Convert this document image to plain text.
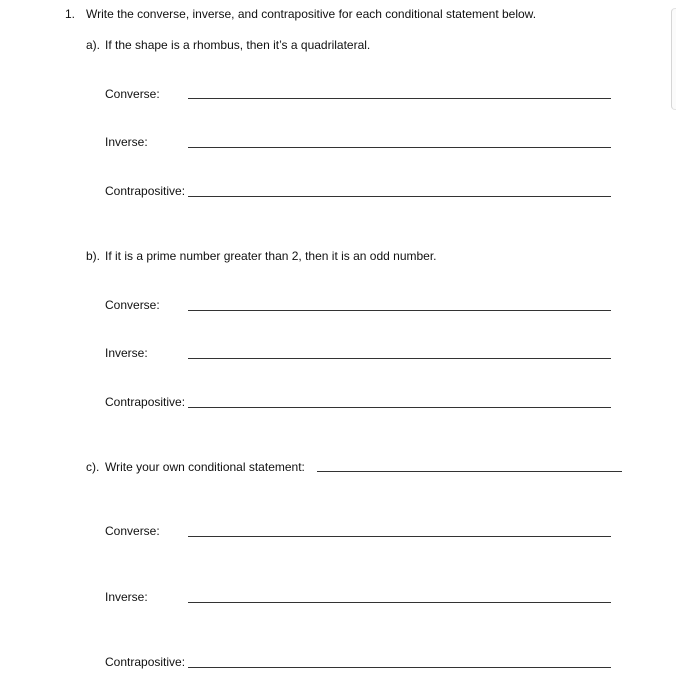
1. Write the converse, inverse, and contrapositive for each conditional statement below.
a). If the shape is a rhombus, then it’s a quadrilateral.
Converse:
Inverse:
Contrapositive:
b). If it is a prime number greater than 2, then it is an odd number.
Converse:
Inverse:
Contrapositive:
c). Write your own conditional statement:
Converse:
Inverse:
Contrapositive:
